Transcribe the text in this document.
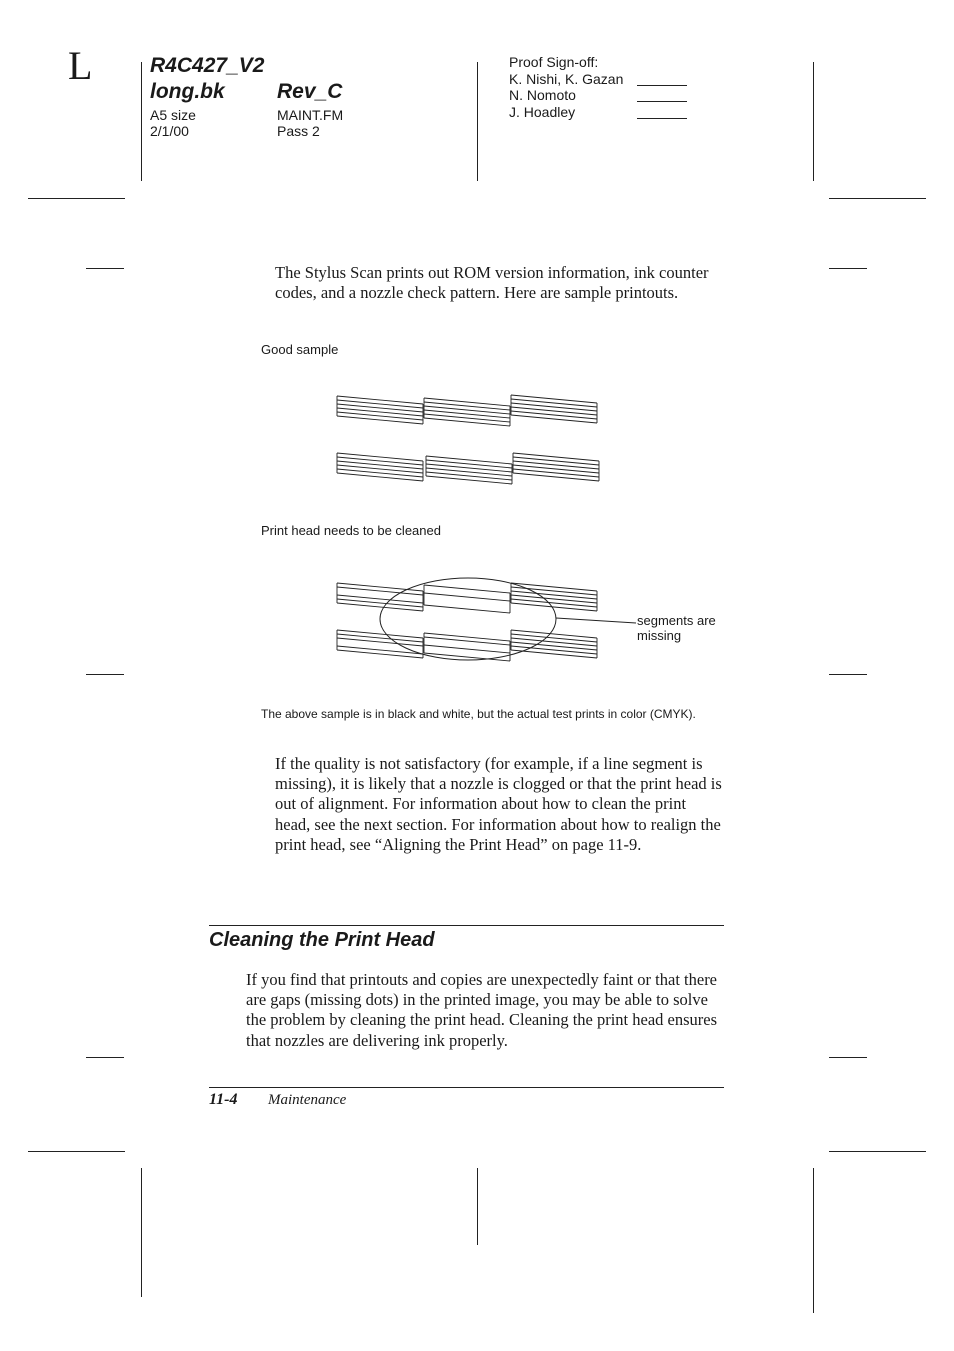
L	R4C427_V2
long.bk Rev_C
A5 size
2/1/00
MAINT.FM
Pass 2
Proof Sign-off:
K. Nishi, K. Gazan
N. Nomoto
J. Hoadley

The Stylus Scan prints out ROM version information, ink counter codes, and a nozzle check pattern. Here are sample printouts.

Good sample
Print head needs to be cleaned
segments are
missing
The above sample is in black and white, but the actual test prints in color (CMYK).

If the quality is not satisfactory (for example, if a line segment is missing), it is likely that a nozzle is clogged or that the print head is out of alignment. For information about how to clean the print head, see the next section. For information about how to realign the print head, see “Aligning the Print Head” on page 11-9.

Cleaning the Print Head

If you find that printouts and copies are unexpectedly faint or that there are gaps (missing dots) in the printed image, you may be able to solve the problem by cleaning the print head. Cleaning the print head ensures that nozzles are delivering ink properly.

11-4 Maintenance
